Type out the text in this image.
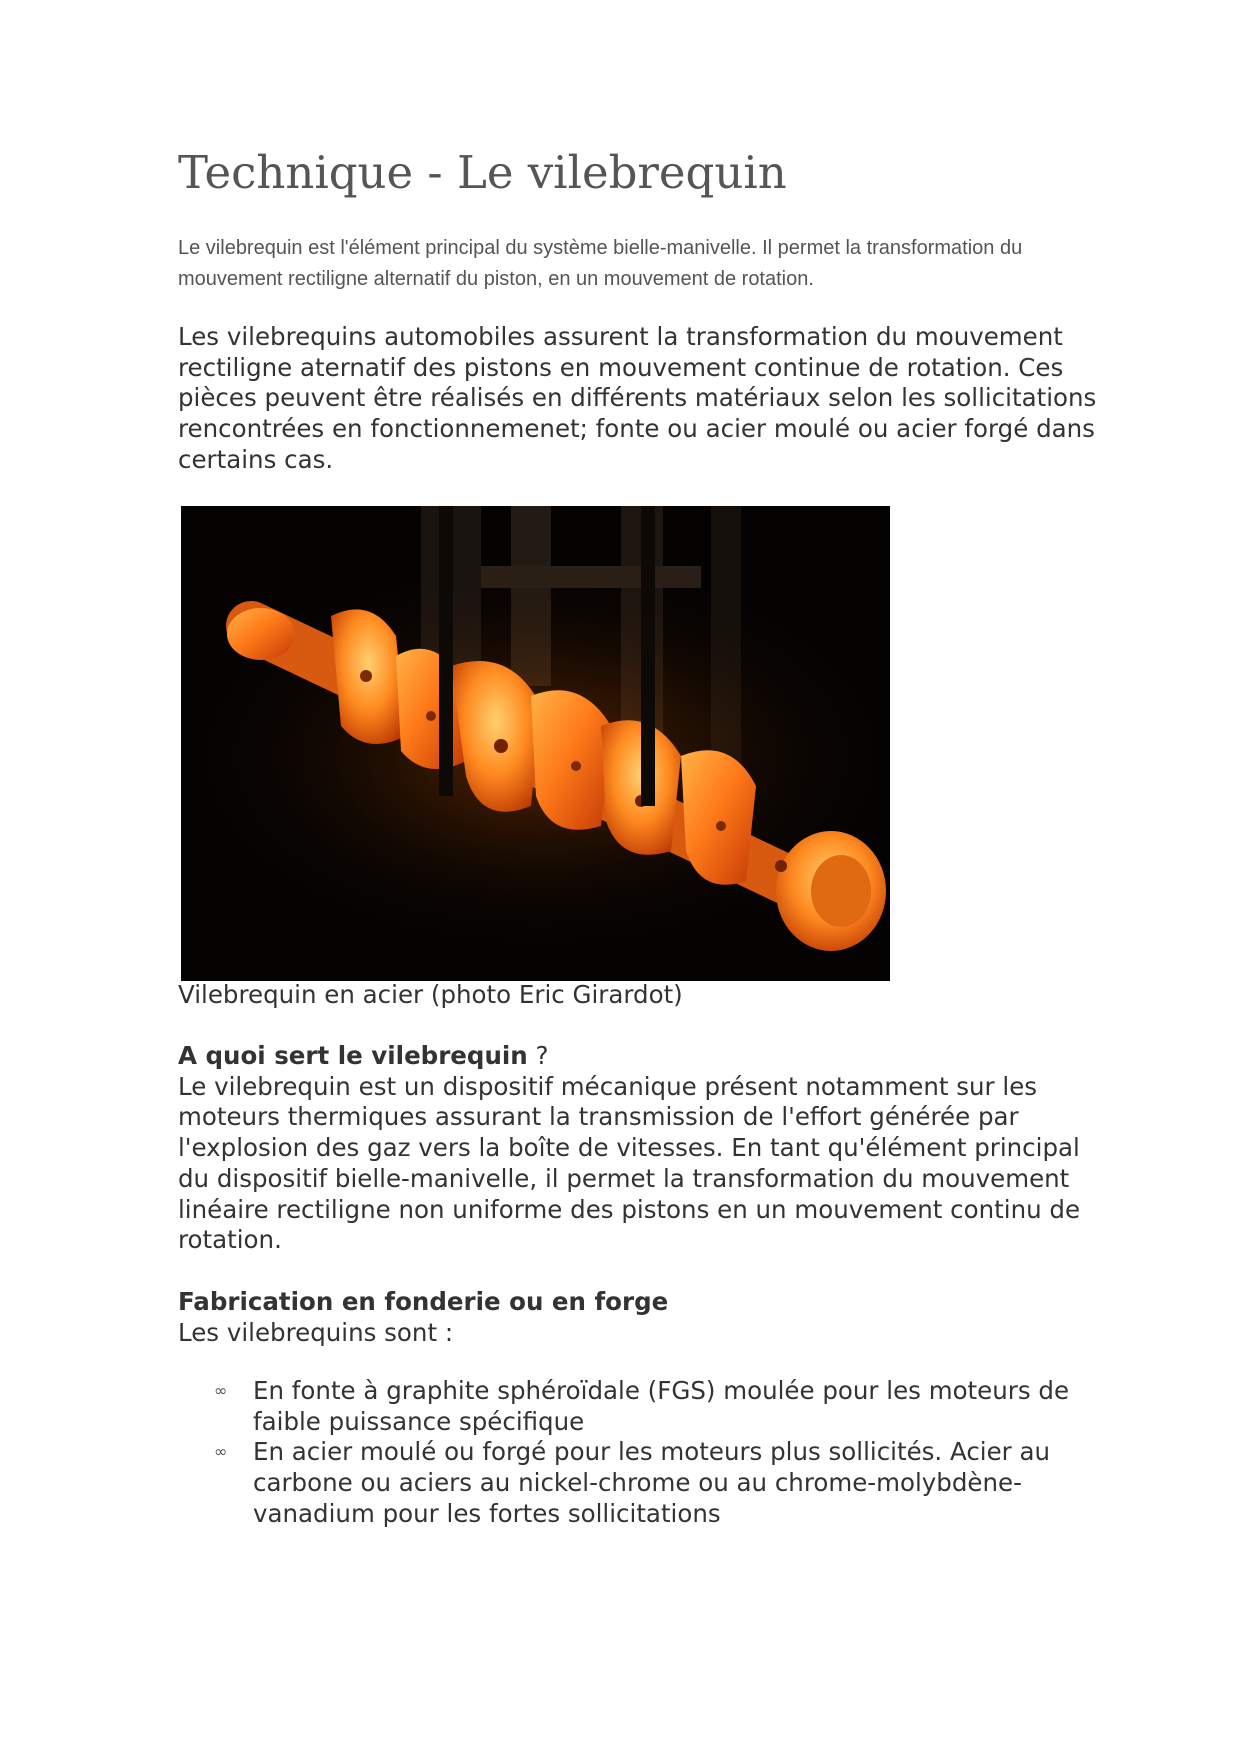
Technique - Le vilebrequin

Le vilebrequin est l'élément principal du système bielle-manivelle. Il permet la transformation du mouvement rectiligne alternatif du piston, en un mouvement de rotation.

Les vilebrequins automobiles assurent la transformation du mouvement rectiligne aternatif des pistons en mouvement continue de rotation. Ces pièces peuvent être réalisés en différents matériaux selon les sollicitations rencontrées en fonctionnemenet; fonte ou acier moulé ou acier forgé dans certains cas.

Vilebrequin en acier (photo Eric Girardot)

A quoi sert le vilebrequin ?
Le vilebrequin est un dispositif mécanique présent notamment sur les moteurs thermiques assurant la transmission de l'effort générée par l'explosion des gaz vers la boîte de vitesses. En tant qu'élément principal du dispositif bielle-manivelle, il permet la transformation du mouvement linéaire rectiligne non uniforme des pistons en un mouvement continu de rotation.
Fabrication en fonderie ou en forge
Les vilebrequins sont :
∞ En fonte à graphite sphéroïdale (FGS) moulée pour les moteurs de faible puissance spécifique
∞ En acier moulé ou forgé pour les moteurs plus sollicités. Acier au carbone ou aciers au nickel-chrome ou au chrome-molybdène-vanadium pour les fortes sollicitations
